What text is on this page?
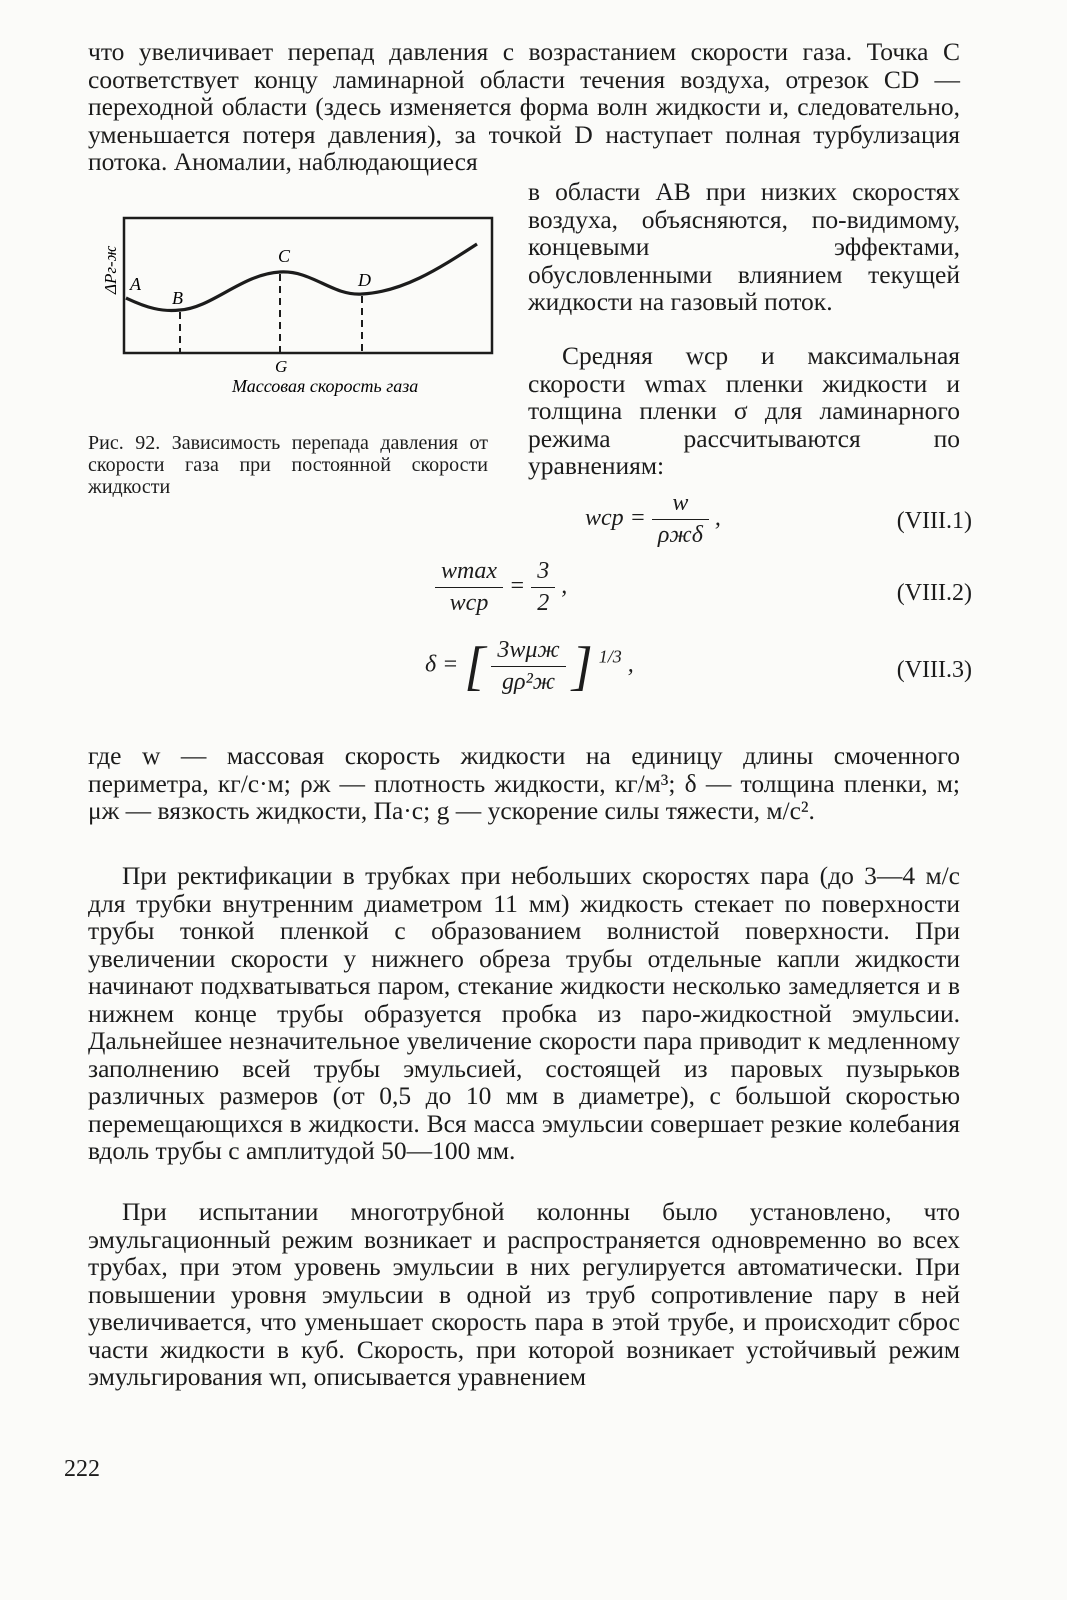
что увеличивает перепад давления с возрастанием скорости газа. Точка C соответствует концу ламинарной области течения воздуха, отрезок CD — переходной области (здесь изменяется форма волн жидкости и, следовательно, уменьшается потеря давления), за точкой D наступает полная турбулизация потока. Аномалии, наблюдающиеся

A
B
C
D
G
ΔPг-ж
Массовая скорость газа

Рис. 92. Зависимость перепада давления от скорости газа при постоянной скорости жидкости

в области AB при низких скоростях воздуха, объясняются, по-видимому, концевыми эффектами, обусловленными влиянием текущей жидкости на газовый поток.

Средняя wср и максимальная скорости wmax пленки жидкости и толщина пленки σ для ламинарного режима рассчитываются по уравнениям:

wср = $\frac{w}{\text{ρжδ}}$ ,	(VIII.1)
$\frac{wmax}{\text{wср}} = \frac{3}{2}$ ,	(VIII.2)
δ = [ $\frac{\text{3wμж}}{\text{gρ²ж}}$ ] $^{1/3}$ ,	(VIII.3)

где w — массовая скорость жидкости на единицу длины смоченного периметра, кг/с·м; ρж — плотность жидкости, кг/м³; δ — толщина пленки, м; μж — вязкость жидкости, Па·с; g — ускорение силы тяжести, м/с².

При ректификации в трубках при небольших скоростях пара (до 3—4 м/с для трубки внутренним диаметром 11 мм) жидкость стекает по поверхности трубы тонкой пленкой с образованием волнистой поверхности. При увеличении скорости у нижнего обреза трубы отдельные капли жидкости начинают подхватываться паром, стекание жидкости несколько замедляется и в нижнем конце трубы образуется пробка из паро-жидкостной эмульсии. Дальнейшее незначительное увеличение скорости пара приводит к медленному заполнению всей трубы эмульсией, состоящей из паровых пузырьков различных размеров (от 0,5 до 10 мм в диаметре), с большой скоростью перемещающихся в жидкости. Вся масса эмульсии совершает резкие колебания вдоль трубы с амплитудой 50—100 мм.

При испытании многотрубной колонны было установлено, что эмульгационный режим возникает и распространяется одновременно во всех трубах, при этом уровень эмульсии в них регулируется автоматически. При повышении уровня эмульсии в одной из труб сопротивление пару в ней увеличивается, что уменьшает скорость пара в этой трубе, и происходит сброс части жидкости в куб. Скорость, при которой возникает устойчивый режим эмульгирования wп, описывается уравнением

222
